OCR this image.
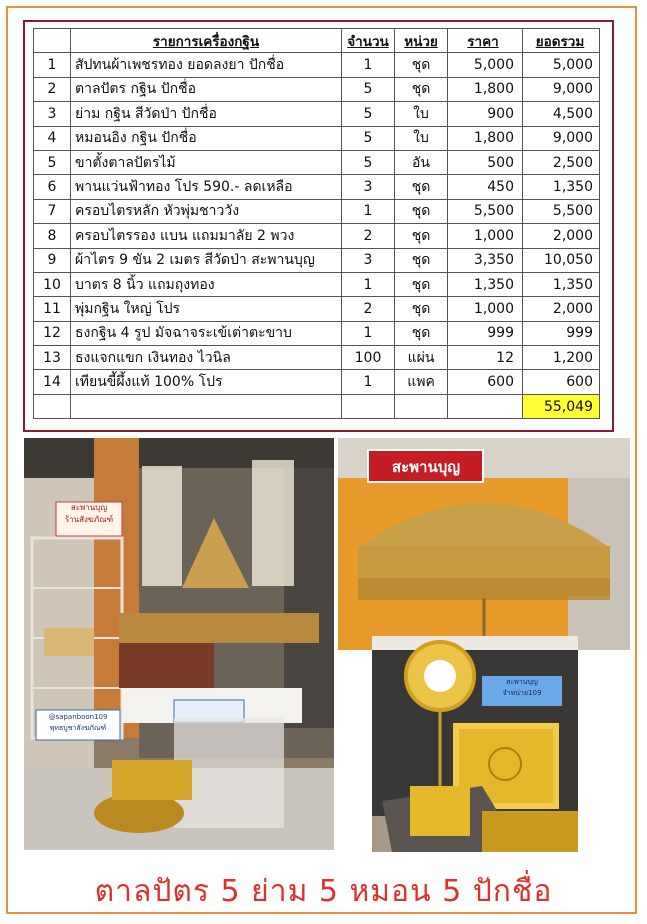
	รายการเครื่องกฐิน	จำนวน	หน่วย	ราคา	ยอดรวม
1	สัปทนผ้าเพชรทอง ยอดลงยา ปักชื่อ	1	ชุด	5,000	5,000
2	ตาลปัตร กฐิน ปักชื่อ	5	ชุด	1,800	9,000
3	ย่าม กฐิน สีวัดป่า ปักชื่อ	5	ใบ	900	4,500
4	หมอนอิง กฐิน ปักชื่อ	5	ใบ	1,800	9,000
5	ขาตั้งตาลปัตรไม้	5	อัน	500	2,500
6	พานแว่นฟ้าทอง โปร 590.- ลดเหลือ	3	ชุด	450	1,350
7	ครอบไตรหลัก หัวพุ่มชาววัง	1	ชุด	5,500	5,500
8	ครอบไตรรอง แบน แถมมาลัย 2 พวง	2	ชุด	1,000	2,000
9	ผ้าไตร 9 ขัน 2 เมตร สีวัดป่า สะพานบุญ	3	ชุด	3,350	10,050
10	บาตร 8 นิ้ว แถมถุงทอง	1	ชุด	1,350	1,350
11	พุ่มกฐิน ใหญ่ โปร	2	ชุด	1,000	2,000
12	ธงกฐิน 4 รูป มัจฉาจระเข้เต่าตะขาบ	1	ชุด	999	999
13	ธงแจกแขก เงินทอง ไวนิล	100	แผ่น	12	1,200
14	เทียนขี้ผึ้งแท้ 100% โปร	1	แพค	600	600
					55,049
สะพานบุญ
ร้านสังฆภัณฑ์
@sapanboon109
พุทธบูชาสังฆภัณฑ์
สะพานบุญ
สะพานบุญ
จำหน่าย109
ตาลปัตร 5 ย่าม 5 หมอน 5 ปักชื่อ
